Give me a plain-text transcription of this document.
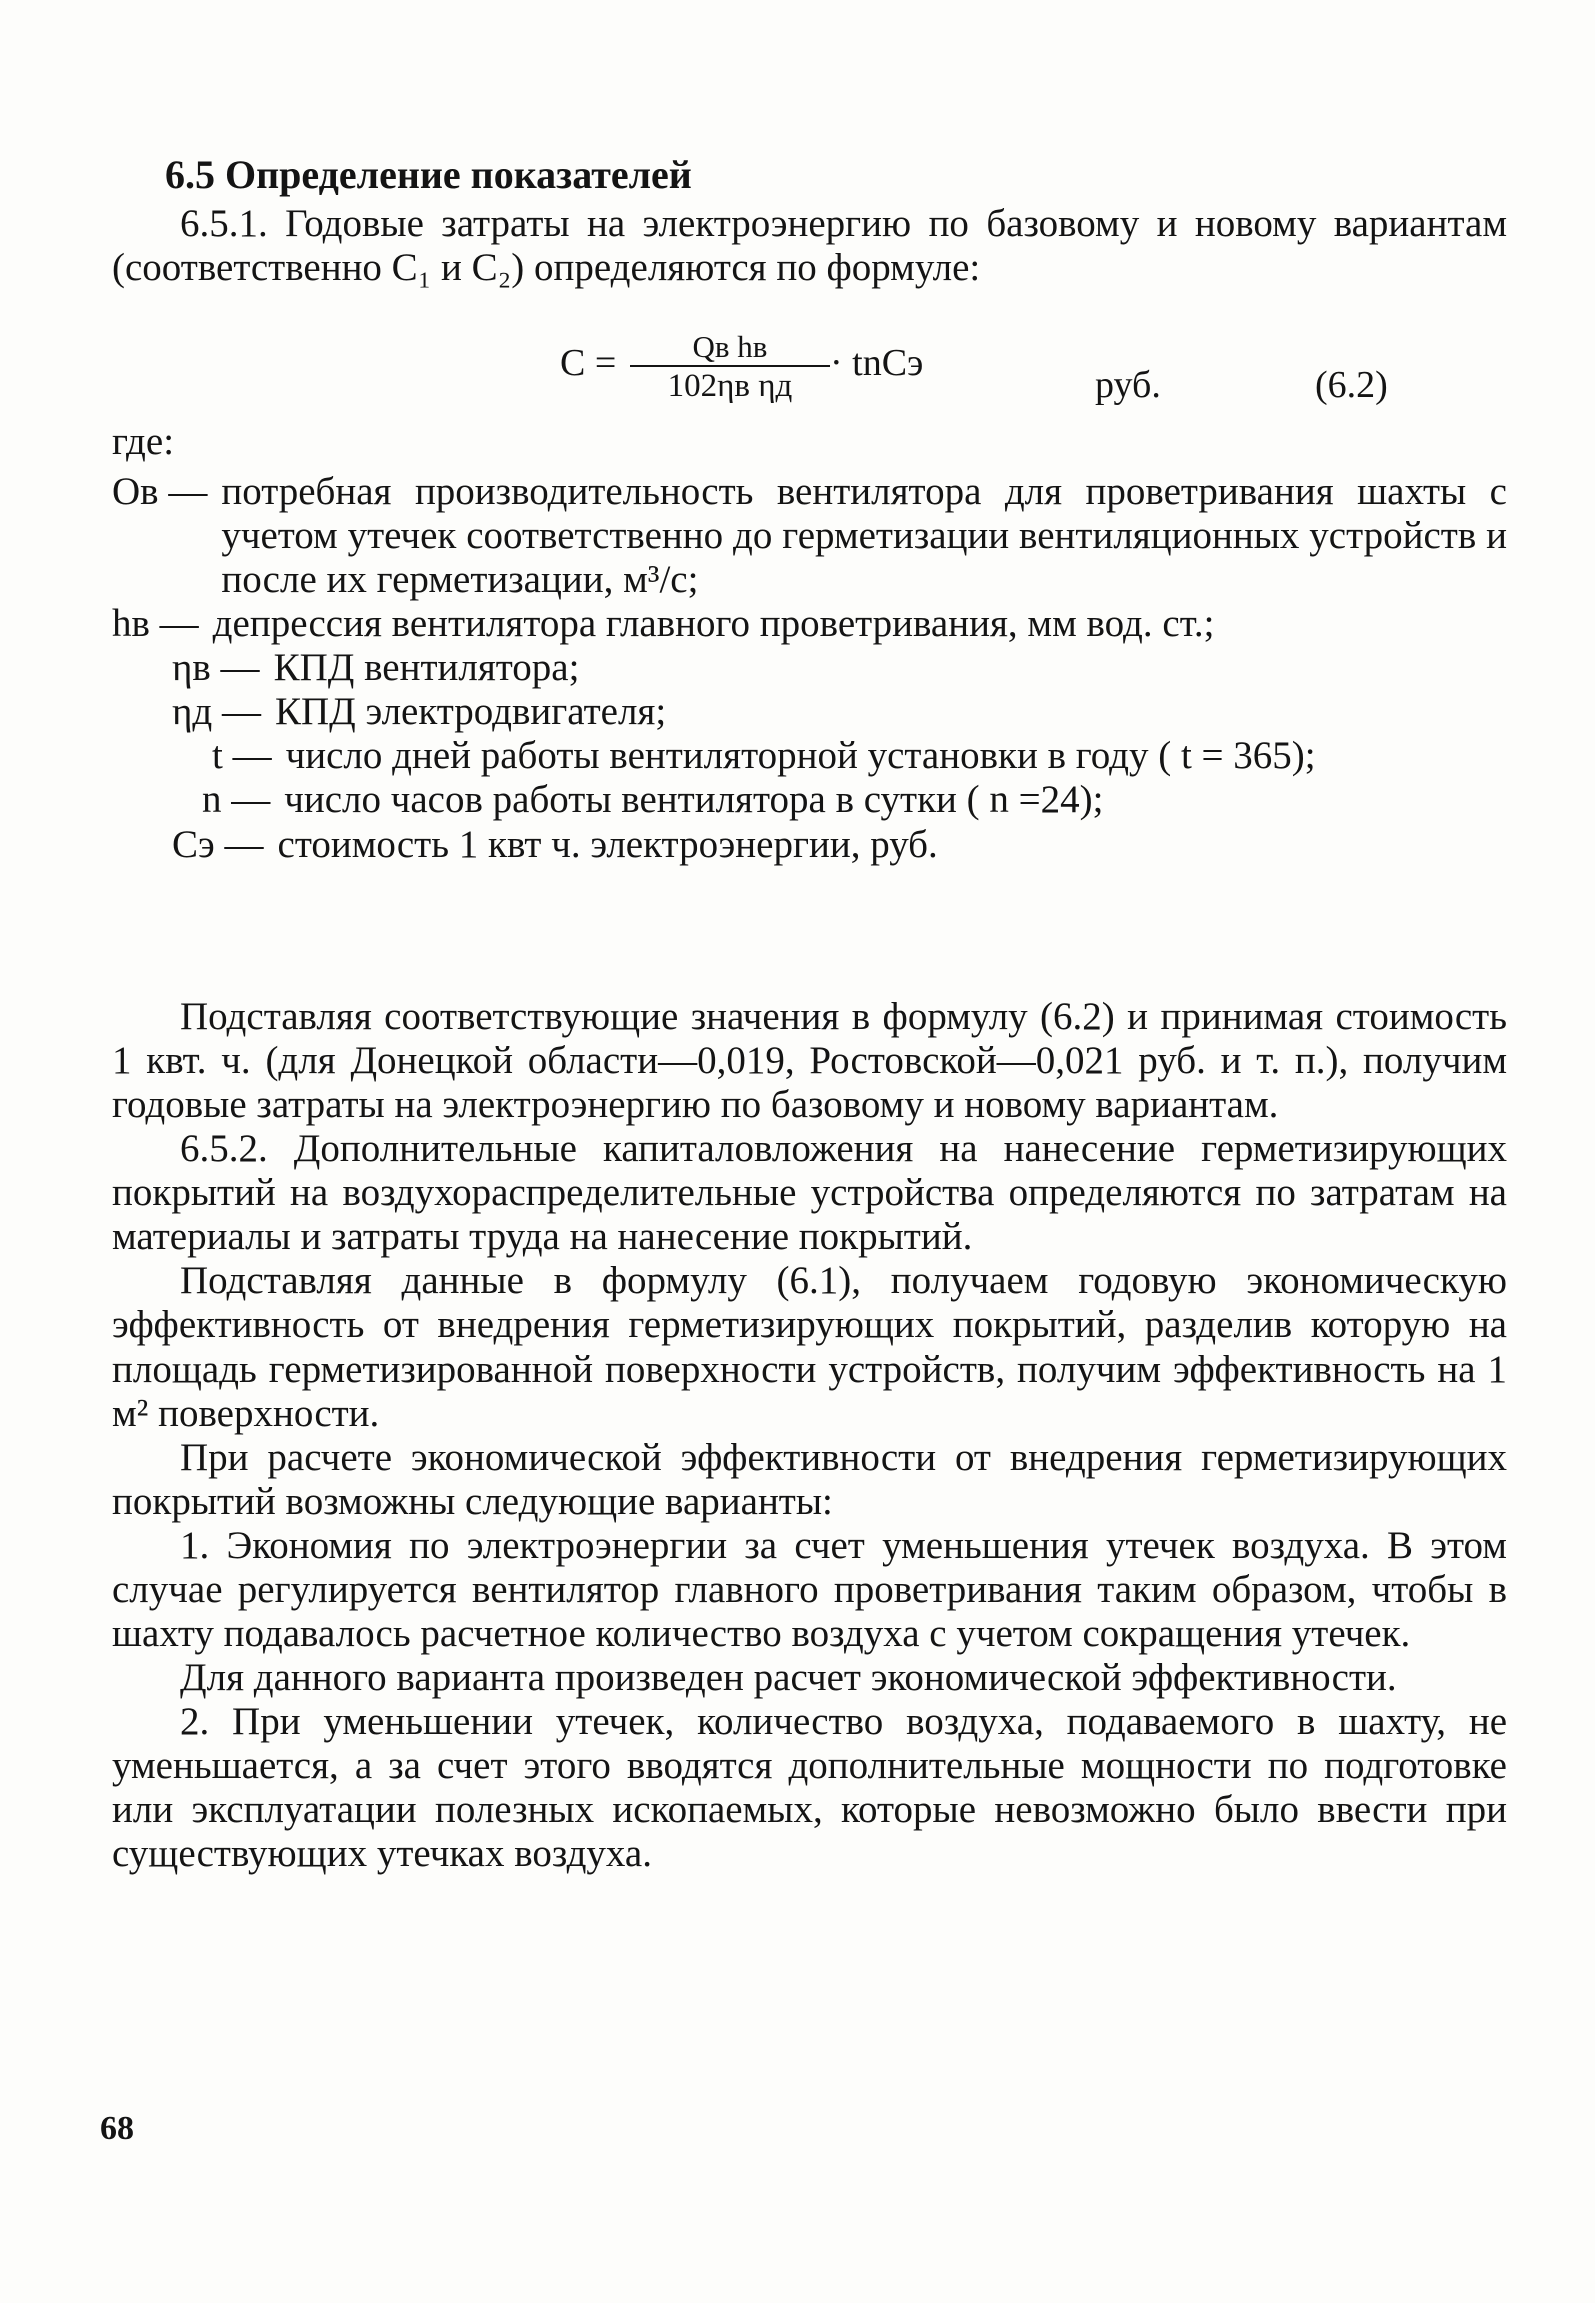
6.5 Определение показателей
6.5.1. Годовые затраты на электроэнергию по базовому и новому вариантам (соответственно C₁ и C₂) определяются по формуле:
C =	Qв hв
102ηв ηд
· tnCэ
руб.	(6.2)
где:
Ов — потребная производительность вентилятора для проветривания шахты с учетом утечек соответственно до герметизации вентиляционных устройств и после их герметизации, м³/с;
hв — депрессия вентилятора главного проветривания, мм вод. ст.;
ηв — КПД вентилятора;
ηд — КПД электродвигателя;
t — число дней работы вентиляторной установки в году ( t = 365);
n — число часов работы вентилятора в сутки ( n =24);
Cэ — стоимость 1 квт ч. электроэнергии, руб.
Подставляя соответствующие значения в формулу (6.2) и принимая стоимость 1 квт. ч. (для Донецкой области—0,019, Ростовской—0,021 руб. и т. п.), получим годовые затраты на электроэнергию по базовому и новому вариантам.
6.5.2. Дополнительные капиталовложения на нанесение герметизирующих покрытий на воздухораспределительные устройства определяются по затратам на материалы и затраты труда на нанесение покрытий.
Подставляя данные в формулу (6.1), получаем годовую экономическую эффективность от внедрения герметизирующих покрытий, разделив которую на площадь герметизированной поверхности устройств, получим эффективность на 1 м² поверхности.
При расчете экономической эффективности от внедрения герметизирующих покрытий возможны следующие варианты:
1. Экономия по электроэнергии за счет уменьшения утечек воздуха. В этом случае регулируется вентилятор главного проветривания таким образом, чтобы в шахту подавалось расчетное количество воздуха с учетом сокращения утечек.
Для данного варианта произведен расчет экономической эффективности.
2. При уменьшении утечек, количество воздуха, подаваемого в шахту, не уменьшается, а за счет этого вводятся дополнительные мощности по подготовке или эксплуатации полезных ископаемых, которые невозможно было ввести при существующих утечках воздуха.
68
